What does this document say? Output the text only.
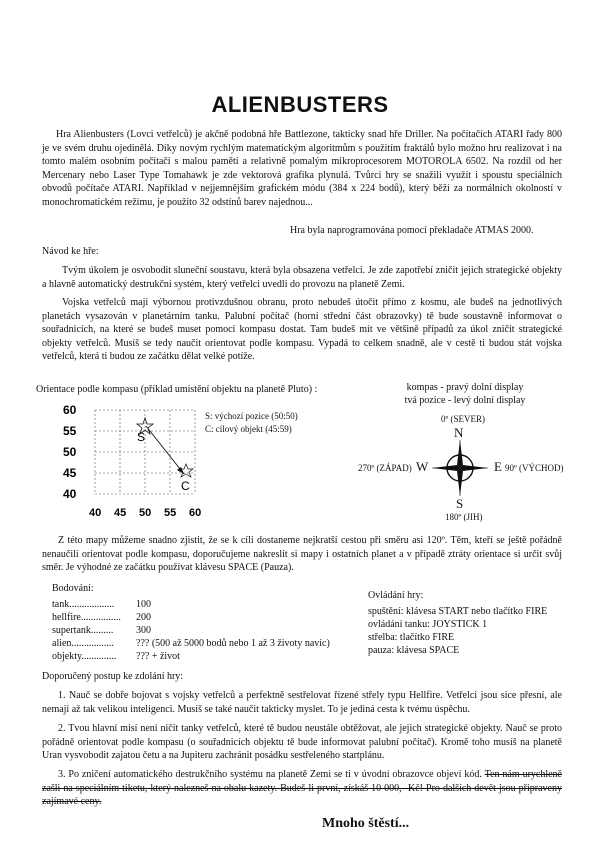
ALIENBUSTERS
Hra Alienbusters (Lovci vetřelců) je akčně podobná hře Battlezone, takticky snad hře Driller. Na počítačích ATARI řady 800 je ve svém druhu ojedinělá. Díky novým rychlým matematickým algoritmům s použitím fraktálů bylo možno hru realizovat i na tomto malém osobním počítači s malou pamětí a relativně pomalým mikroprocesorem MOTOROLA 6502. Na rozdíl od her Mercenary nebo Laser Type Tomahawk je zde vektorová grafika plynulá. Tvůrci hry se snažili využít i spoustu speciálních obvodů počítače ATARI. Například v nejjemnějším grafickém módu (384 x 224 bodů), který běží za normálních okolností v monochromatickém režimu, je použito 32 odstínů barev najednou...
Hra byla naprogramována pomocí překladače ATMAS 2000.
Návod ke hře:
Tvým úkolem je osvobodit sluneční soustavu, která byla obsazena vetřelci. Je zde zapotřebí zničit jejich strategické objekty a hlavně automatický destrukční systém, který vetřelci uvedli do provozu na planetě Zemi.
Vojska vetřelců mají výbornou protivzdušnou obranu, proto nebudeš útočit přímo z kosmu, ale budeš na jednotlivých planetách vysazován v planetárním tanku. Palubní počítač (horní střední část obrazovky) tě bude soustavně informovat o souřadnicích, na které se budeš muset pomocí kompasu dostat. Tam budeš mít ve většině případů za úkol zničit strategické objekty vetřelců. Musíš se tedy naučit orientovat podle kompasu. Vypadá to celkem snadně, ale v cestě ti budou stát vojska vetřelců, která ti budou ze začátku dělat velké potíže.
Orientace podle kompasu (příklad umístění objektu na planetě Pluto) :
60
55
50
45
40
40 45 50 55 60
S
C
S: výchozí pozice (50:50)
C: cílový objekt (45:59)
kompas - pravý dolní display
tvá pozice - levý dolní display
0º (SEVER)
N
270º (ZÁPAD) W	E 90º (VÝCHOD)
S
180º (JIH)
Z této mapy můžeme snadno zjistit, že se k cíli dostaneme nejkratší cestou při směru asi 120º. Těm, kteří se ještě pořádně nenaučili orientovat podle kompasu, doporučujeme nakreslit si mapy i ostatních planet a v případě ztráty orientace si určit svůj směr. Je výhodné ze začátku používat klávesu SPACE (Pauza).
Bodování:
tank..................	100
hellfire................	200
supertank.........	300
alien.................	??? (500 až 5000 bodů nebo 1 až 3 životy navíc)
objekty..............	??? + život
Ovládání hry:
spuštění: klávesa START nebo tlačítko FIRE
ovládání tanku: JOYSTICK 1
střelba: tlačítko FIRE
pauza: klávesa SPACE
Doporučený postup ke zdolání hry:
1. Nauč se dobře bojovat s vojsky vetřelců a perfektně sestřelovat řízené střely typu Hellfire. Vetřelci jsou sice přesní, ale nemají až tak velikou inteligenci. Musíš se také naučit takticky myslet. To je jediná cesta k tvému úspěchu.
2. Tvou hlavní misí není ničit tanky vetřelců, které tě budou neustále obtěžovat, ale jejich strategické objekty. Nauč se proto pořádně orientovat podle kompasu (o souřadnicích objektu tě bude informovat palubní počítač). Kromě toho musíš na planetě Uran vysvobodit zajatou četu a na Jupiteru zachránit posádku sestřeleného startplánu.
3. Po zničení automatického destrukčního systému na planetě Zemi se ti v úvodní obrazovce objeví kód. Ten nám urychleně zašli na speciálním tiketu, který naleznеš na obalu kazety. Budeš-li první, získáš 10 000,- Kč! Pro dalších devět jsou připraveny zajímavé ceny.
Mnoho štěstí...
